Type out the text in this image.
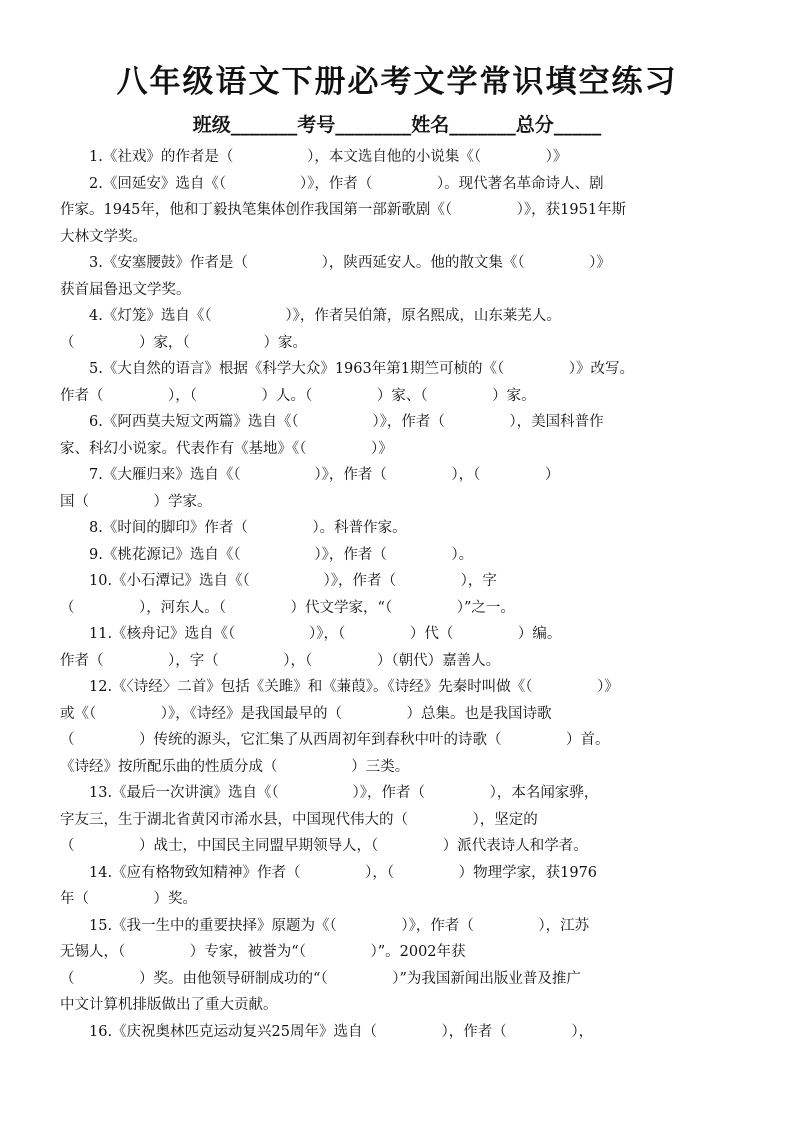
八年级语文下册必考文学常识填空练习
班级_______考号________姓名_______总分_____
1.《社戏》的作者是（                ），本文选自他的小说集《（              ）》
2.《回延安》选自《（                ）》，作者（              ）。现代著名革命诗人、剧
作家。1945年，他和丁毅执笔集体创作我国第一部新歌剧《（              ）》，获1951年斯
大林文学奖。
3.《安塞腰鼓》作者是（                ），陕西延安人。他的散文集《（              ）》
获首届鲁迅文学奖。
4.《灯笼》选自《（                ）》，作者吴伯箫，原名熙成，山东莱芜人。
（              ）家，（                ）家。
5.《大自然的语言》根据《科学大众》1963年第1期竺可桢的《（              ）》改写。
作者（              ），（              ）人。（              ）家、（              ）家。
6.《阿西莫夫短文两篇》选自《（                ）》，作者（              ），美国科普作
家、科幻小说家。代表作有《基地》《（              ）》
7.《大雁归来》选自《（                ）》，作者（              ），（              ）
国（              ）学家。
8.《时间的脚印》作者（              ）。科普作家。
9.《桃花源记》选自《（                ）》，作者（              ）。
10.《小石潭记》选自《（                ）》，作者（              ），字
（              ），河东人。（              ）代文学家，“（              ）”之一。
11.《核舟记》选自《（                ）》，（              ）代（              ）编。
作者（              ），字（              ），（              ）（朝代）嘉善人。
12.《〈诗经〉二首》包括《关雎》和《蒹葭》。《诗经》先秦时叫做《（              ）》
或《（              ）》，《诗经》是我国最早的（              ）总集。也是我国诗歌
（              ）传统的源头，它汇集了从西周初年到春秋中叶的诗歌（              ）首。
《诗经》按所配乐曲的性质分成（                ）三类。
13.《最后一次讲演》选自《（                ）》，作者（              ），本名闻家骅，
字友三，生于湖北省黄冈市浠水县，中国现代伟大的（              ），坚定的
（              ）战士，中国民主同盟早期领导人，（              ）派代表诗人和学者。
14.《应有格物致知精神》作者（              ），（              ）物理学家，获1976
年（              ）奖。
15.《我一生中的重要抉择》原题为《（              ）》，作者（              ），江苏
无锡人，（              ）专家，被誉为“（              ）”。2002年获
（              ）奖。由他领导研制成功的“（              ）”为我国新闻出版业普及推广
中文计算机排版做出了重大贡献。
16.《庆祝奥林匹克运动复兴25周年》选自（              ），作者（              ），
